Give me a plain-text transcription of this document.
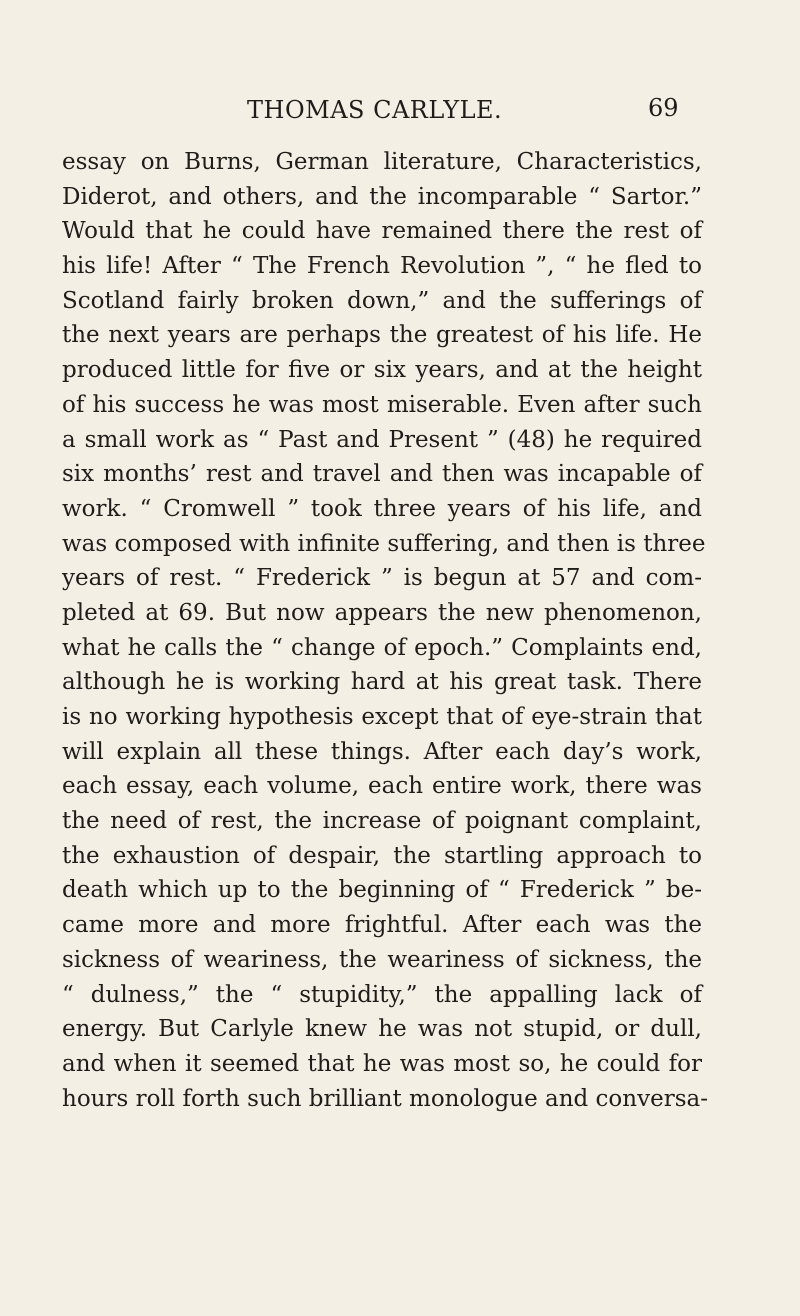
THOMAS CARLYLE.	69
essay on Burns, German literature, Characteristics,
Diderot, and others, and the incomparable “ Sartor.”
Would that he could have remained there the rest of
his life! After “ The French Revolution ”, “ he fled to
Scotland fairly broken down,” and the sufferings of
the next years are perhaps the greatest of his life. He
produced little for five or six years, and at the height
of his success he was most miserable. Even after such
a small work as “ Past and Present ” (48) he required
six months’ rest and travel and then was incapable of
work. “ Cromwell ” took three years of his life, and
was composed with infinite suffering, and then is three
years of rest. “ Frederick ” is begun at 57 and com-
pleted at 69. But now appears the new phenomenon,
what he calls the “ change of epoch.” Complaints end,
although he is working hard at his great task. There
is no working hypothesis except that of eye-strain that
will explain all these things. After each day’s work,
each essay, each volume, each entire work, there was
the need of rest, the increase of poignant complaint,
the exhaustion of despair, the startling approach to
death which up to the beginning of “ Frederick ” be-
came more and more frightful. After each was the
sickness of weariness, the weariness of sickness, the
“ dulness,” the “ stupidity,” the appalling lack of
energy. But Carlyle knew he was not stupid, or dull,
and when it seemed that he was most so, he could for
hours roll forth such brilliant monologue and conversa-
